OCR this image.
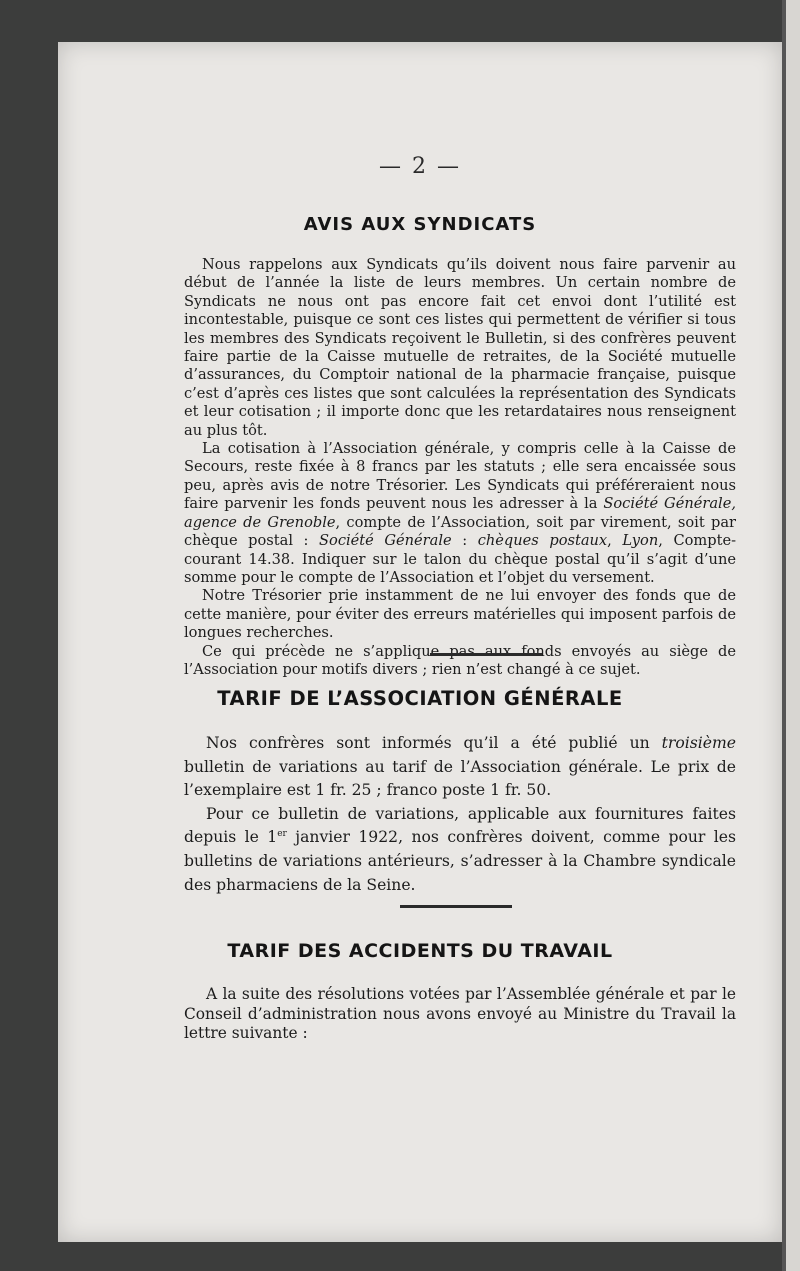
— 2 —
AVIS AUX SYNDICATS

Nous rappelons aux Syndicats qu’ils doivent nous faire parvenir au début de l’année la liste de leurs membres. Un certain nombre de Syndicats ne nous ont pas encore fait cet envoi dont l’utilité est incontestable, puisque ce sont ces listes qui permettent de vérifier si tous les membres des Syndicats reçoivent le Bulletin, si des confrères peuvent faire partie de la Caisse mutuelle de retraites, de la Société mutuelle d’assurances, du Comptoir national de la pharmacie française, puisque c’est d’après ces listes que sont calculées la représentation des Syndicats et leur cotisation ; il importe donc que les retardataires nous renseignent au plus tôt.

La cotisation à l’Association générale, y compris celle à la Caisse de Secours, reste fixée à 8 francs par les statuts ; elle sera encaissée sous peu, après avis de notre Trésorier. Les Syndicats qui préféreraient nous faire parvenir les fonds peuvent nous les adresser à la Société Générale, agence de Grenoble, compte de l’Association, soit par virement, soit par chèque postal : Société Générale : chèques postaux, Lyon, Compte-courant 14.38. Indiquer sur le talon du chèque postal qu’il s’agit d’une somme pour le compte de l’Association et l’objet du versement.

Notre Trésorier prie instamment de ne lui envoyer des fonds que de cette manière, pour éviter des erreurs matérielles qui imposent parfois de longues recherches.

Ce qui précède ne s’applique pas aux fonds envoyés au siège de l’Association pour motifs divers ; rien n’est changé à ce sujet.

TARIF DE L’ASSOCIATION GÉNÉRALE

Nos confrères sont informés qu’il a été publié un troisième bulletin de variations au tarif de l’Association générale. Le prix de l’exemplaire est 1 fr. 25 ; franco poste 1 fr. 50.

Pour ce bulletin de variations, applicable aux fournitures faites depuis le 1er janvier 1922, nos confrères doivent, comme pour les bulletins de variations antérieurs, s’adresser à la Chambre syndicale des pharmaciens de la Seine.

TARIF DES ACCIDENTS DU TRAVAIL

A la suite des résolutions votées par l’Assemblée générale et par le Conseil d’administration nous avons envoyé au Ministre du Travail la lettre suivante :
